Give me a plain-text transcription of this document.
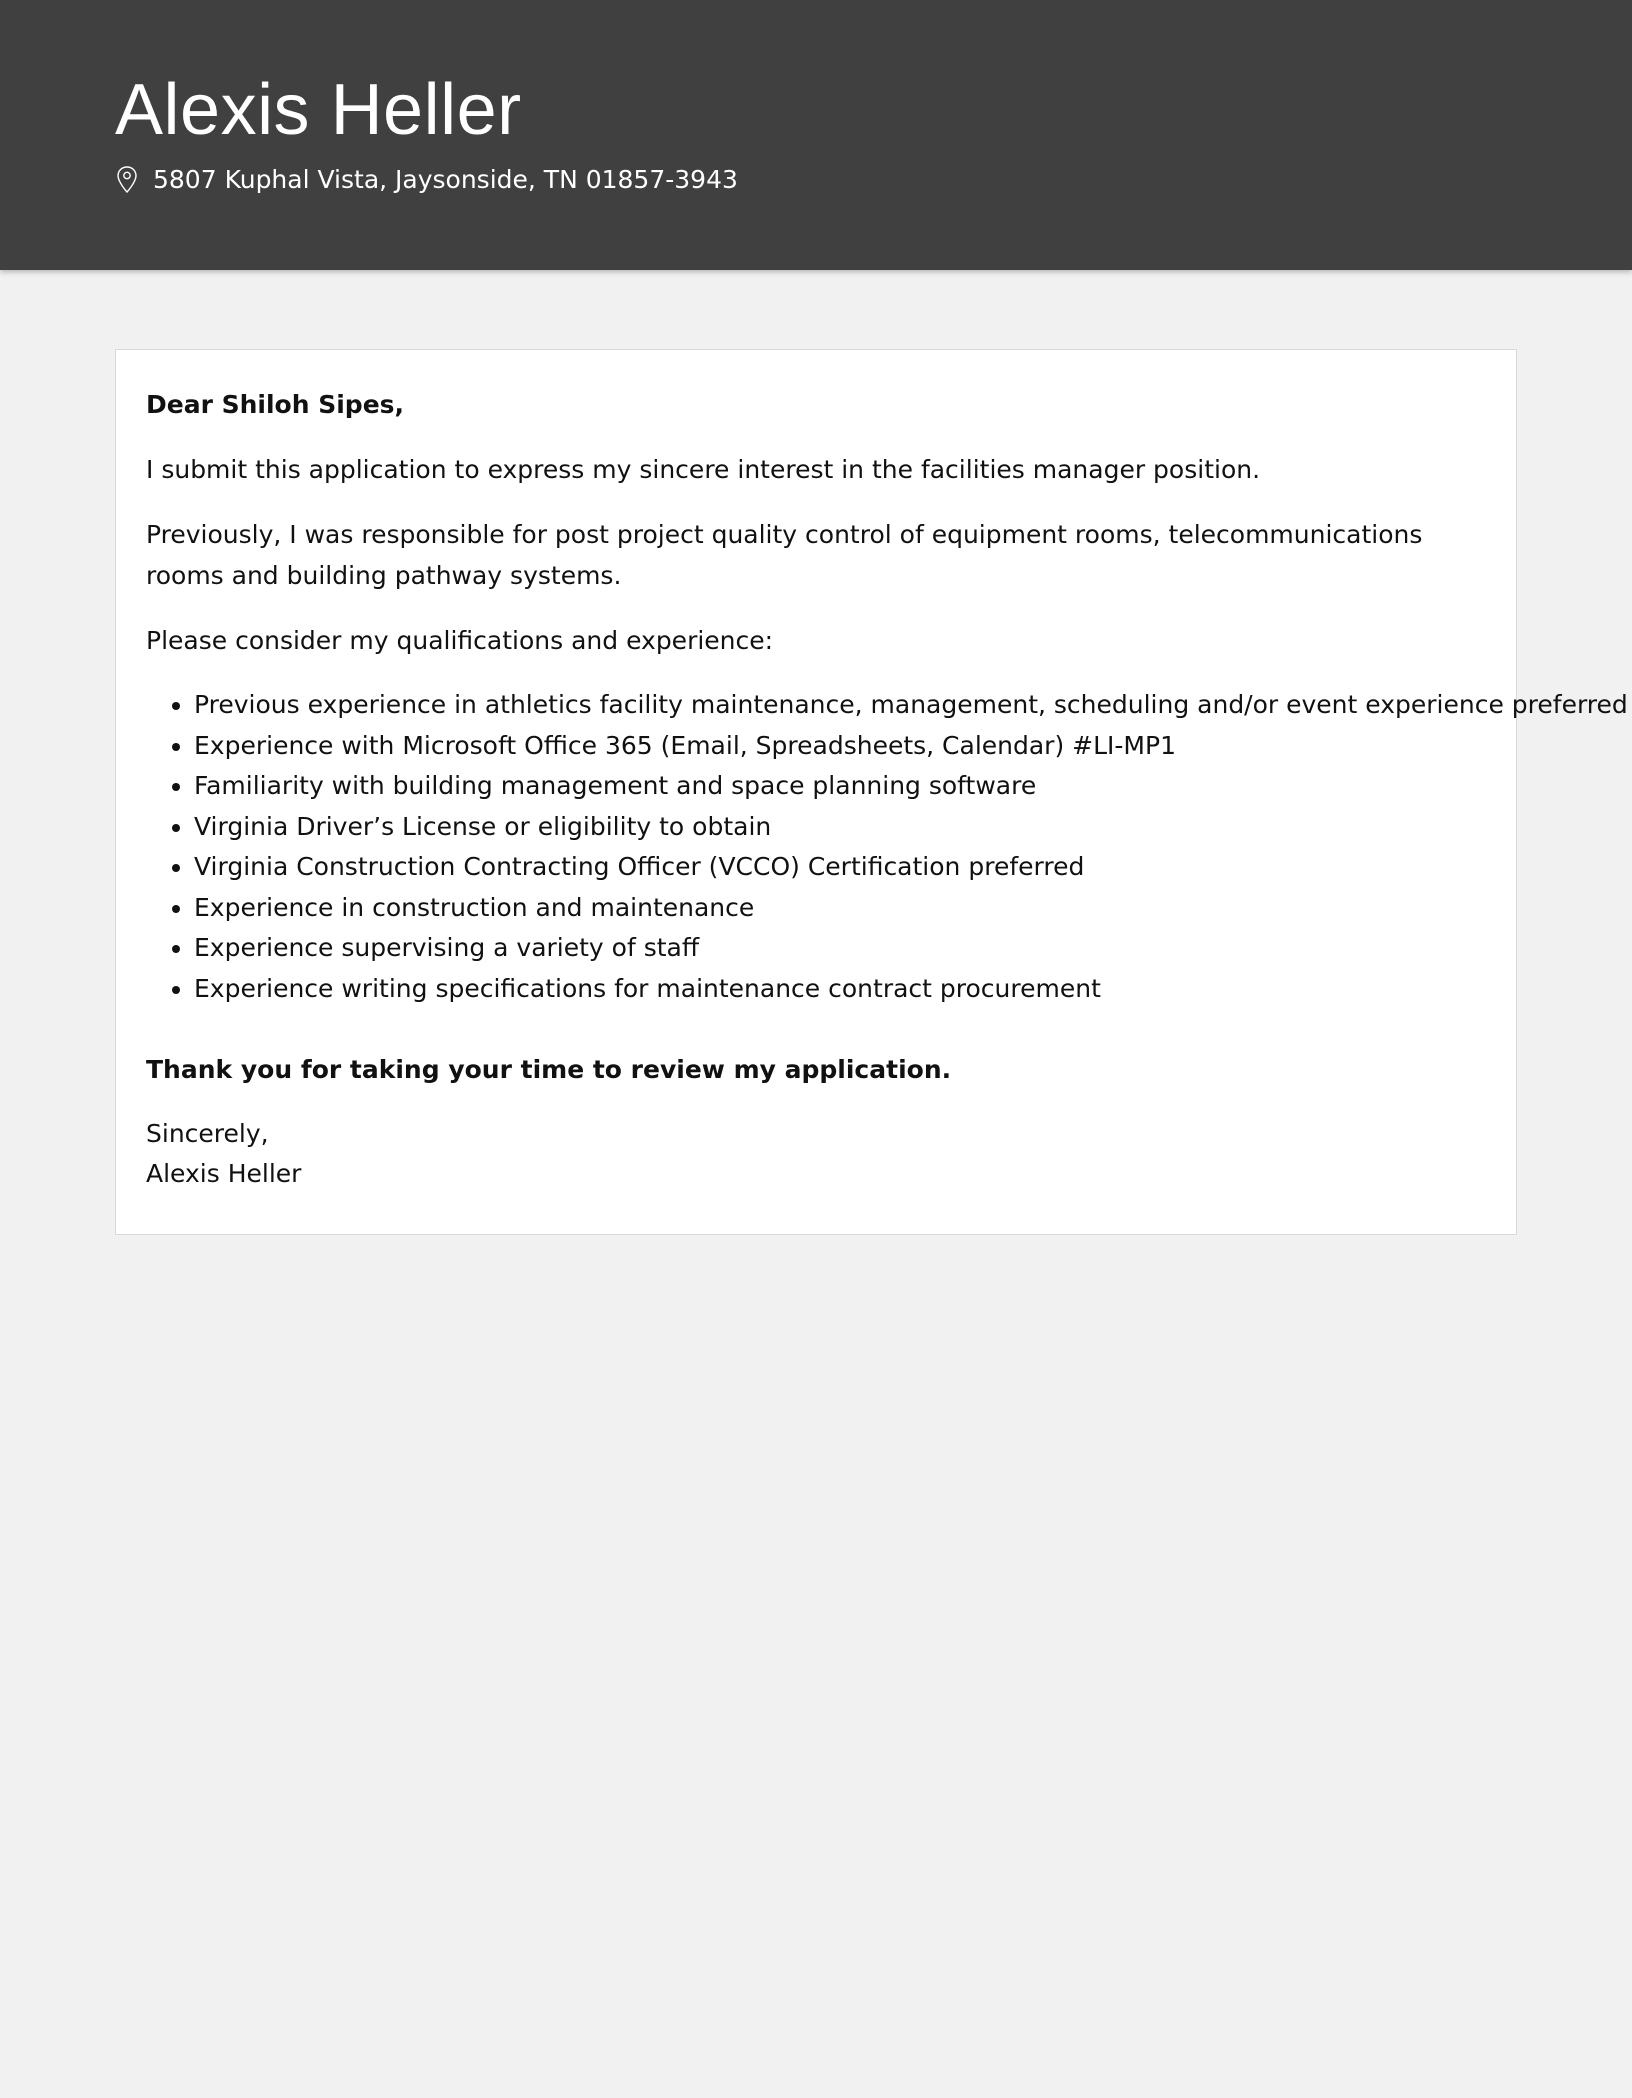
Alexis Heller
5807 Kuphal Vista, Jaysonside, TN 01857-3943

Dear Shiloh Sipes,

I submit this application to express my sincere interest in the facilities manager position.

Previously, I was responsible for post project quality control of equipment rooms, telecommunications rooms and building pathway systems.

Please consider my qualifications and experience:

• Previous experience in athletics facility maintenance, management, scheduling and/or event experience preferred
• Experience with Microsoft Office 365 (Email, Spreadsheets, Calendar) #LI-MP1
• Familiarity with building management and space planning software
• Virginia Driver’s License or eligibility to obtain
• Virginia Construction Contracting Officer (VCCO) Certification preferred
• Experience in construction and maintenance
• Experience supervising a variety of staff
• Experience writing specifications for maintenance contract procurement

Thank you for taking your time to review my application.

Sincerely,
Alexis Heller
